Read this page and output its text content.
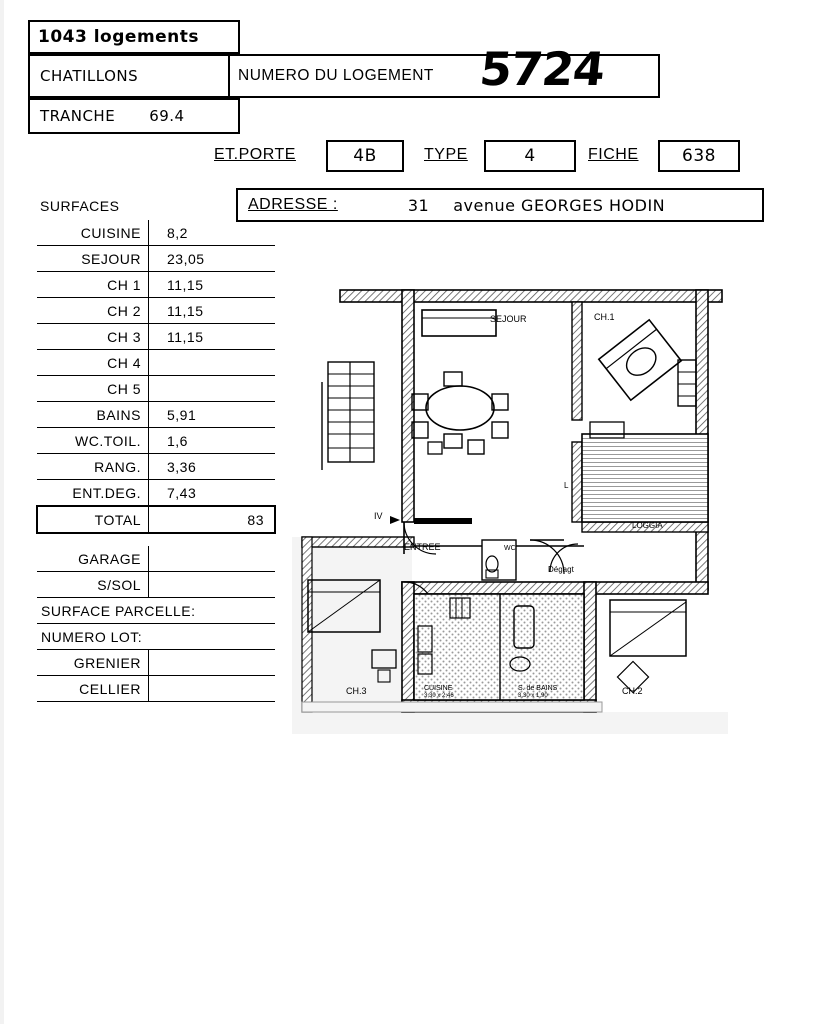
1043 logements
CHATILLONS
TRANCHE 69.4
NUMERO DU LOGEMENT 5724
ET.PORTE	4B	TYPE	4	FICHE	638
ADRESSE :	31 avenue GEORGES HODIN
SURFACES
CUISINE	8,2
SEJOUR	23,05
CH 1	11,15
CH 2	11,15
CH 3	11,15
CH 4	
CH 5	
BAINS	5,91
WC.TOIL.	1,6
RANG.	3,36
ENT.DEG.	7,43
TOTAL	83

GARAGE	
S/SOL	
SURFACE PARCELLE:	
NUMERO LOT:	
GRENIER	
CELLIER	
SEJOUR	CH.1
LOGGIA
ENTREE
IV
WC
Dégagt
L
CUISINE
3,30 x 2,46
S. de BAINS
3,30 x 1,90
CH.3	CH.2
